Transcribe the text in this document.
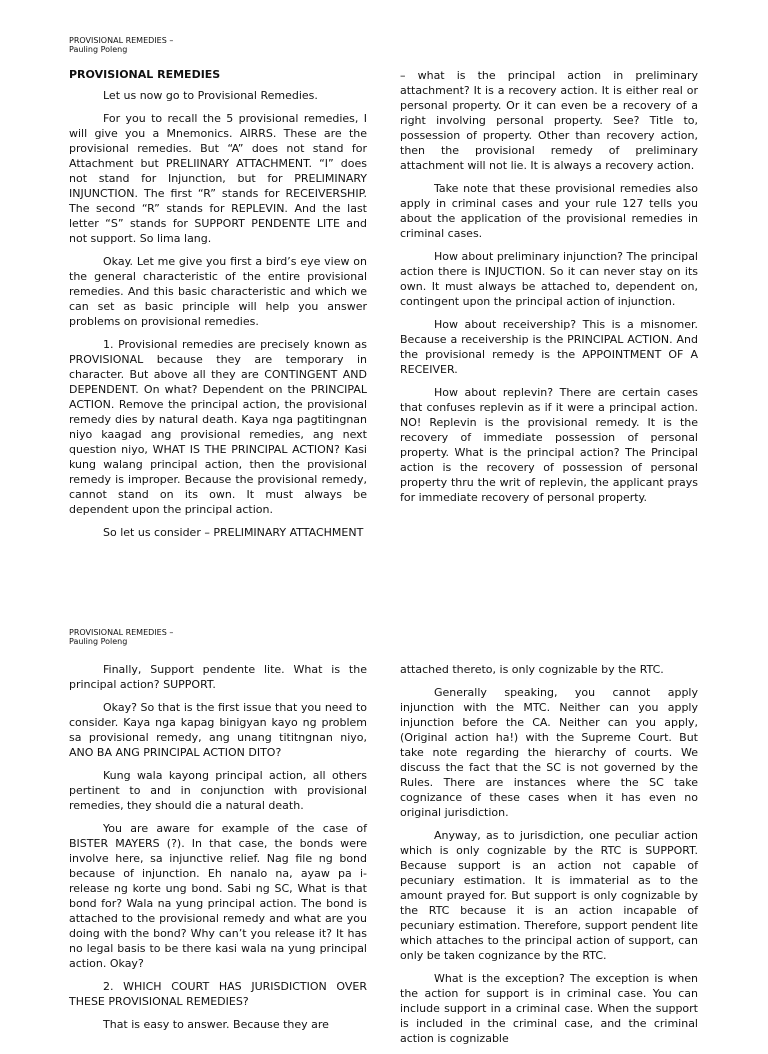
PROVISIONAL REMEDIES –
Pauling Poleng
PROVISIONAL REMEDIES

Let us now go to Provisional Remedies.

For you to recall the 5 provisional remedies, I will give you a Mnemonics. AIRRS. These are the provisional remedies. But “A” does not stand for Attachment but PRELIINARY ATTACHMENT. “I” does not stand for Injunction, but for PRELIMINARY INJUNCTION. The first “R” stands for RECEIVERSHIP. The second “R” stands for REPLEVIN. And the last letter “S” stands for SUPPORT PENDENTE LITE and not support. So lima lang.

Okay. Let me give you first a bird’s eye view on the general characteristic of the entire provisional remedies. And this basic characteristic and which we can set as basic principle will help you answer problems on provisional remedies.

1. Provisional remedies are precisely known as PROVISIONAL because they are temporary in character. But above all they are CONTINGENT AND DEPENDENT. On what? Dependent on the PRINCIPAL ACTION. Remove the principal action, the provisional remedy dies by natural death. Kaya nga pagtitingnan niyo kaagad ang provisional remedies, ang next question niyo, WHAT IS THE PRINCIPAL ACTION? Kasi kung walang principal action, then the provisional remedy is improper. Because the provisional remedy, cannot stand on its own. It must always be dependent upon the principal action.

So let us consider – PRELIMINARY ATTACHMENT

– what is the principal action in preliminary attachment? It is a recovery action. It is either real or personal property. Or it can even be a recovery of a right involving personal property. See? Title to, possession of property. Other than recovery action, then the provisional remedy of preliminary attachment will not lie. It is always a recovery action.

Take note that these provisional remedies also apply in criminal cases and your rule 127 tells you about the application of the provisional remedies in criminal cases.

How about preliminary injunction? The principal action there is INJUCTION. So it can never stay on its own. It must always be attached to, dependent on, contingent upon the principal action of injunction.

How about receivership? This is a misnomer. Because a receivership is the PRINCIPAL ACTION. And the provisional remedy is the APPOINTMENT OF A RECEIVER.

How about replevin? There are certain cases that confuses replevin as if it were a principal action. NO! Replevin is the provisional remedy. It is the recovery of immediate possession of personal property. What is the principal action? The Principal action is the recovery of possession of personal property thru the writ of replevin, the applicant prays for immediate recovery of personal property.

PROVISIONAL REMEDIES –
Pauling Poleng

Finally, Support pendente lite. What is the principal action? SUPPORT.

Okay? So that is the first issue that you need to consider. Kaya nga kapag binigyan kayo ng problem sa provisional remedy, ang unang tititngnan niyo, ANO BA ANG PRINCIPAL ACTION DITO?

Kung wala kayong principal action, all others pertinent to and in conjunction with provisional remedies, they should die a natural death.

You are aware for example of the case of BISTER MAYERS (?). In that case, the bonds were involve here, sa injunctive relief. Nag file ng bond because of injunction. Eh nanalo na, ayaw pa i-release ng korte ung bond. Sabi ng SC, What is that bond for? Wala na yung principal action. The bond is attached to the provisional remedy and what are you doing with the bond? Why can’t you release it? It has no legal basis to be there kasi wala na yung principal action. Okay?

2. WHICH COURT HAS JURISDICTION OVER THESE PROVISIONAL REMEDIES?

That is easy to answer. Because they are

attached thereto, is only cognizable by the RTC.

Generally speaking, you cannot apply injunction with the MTC. Neither can you apply injunction before the CA. Neither can you apply, (Original action ha!) with the Supreme Court. But take note regarding the hierarchy of courts. We discuss the fact that the SC is not governed by the Rules. There are instances where the SC take cognizance of these cases when it has even no original jurisdiction.

Anyway, as to jurisdiction, one peculiar action which is only cognizable by the RTC is SUPPORT. Because support is an action not capable of pecuniary estimation. It is immaterial as to the amount prayed for. But support is only cognizable by the RTC because it is an action incapable of pecuniary estimation. Therefore, support pendent lite which attaches to the principal action of support, can only be taken cognizance by the RTC.

What is the exception? The exception is when the action for support is in criminal case. You can include support in a criminal case. When the support is included in the criminal case, and the criminal action is cognizable
